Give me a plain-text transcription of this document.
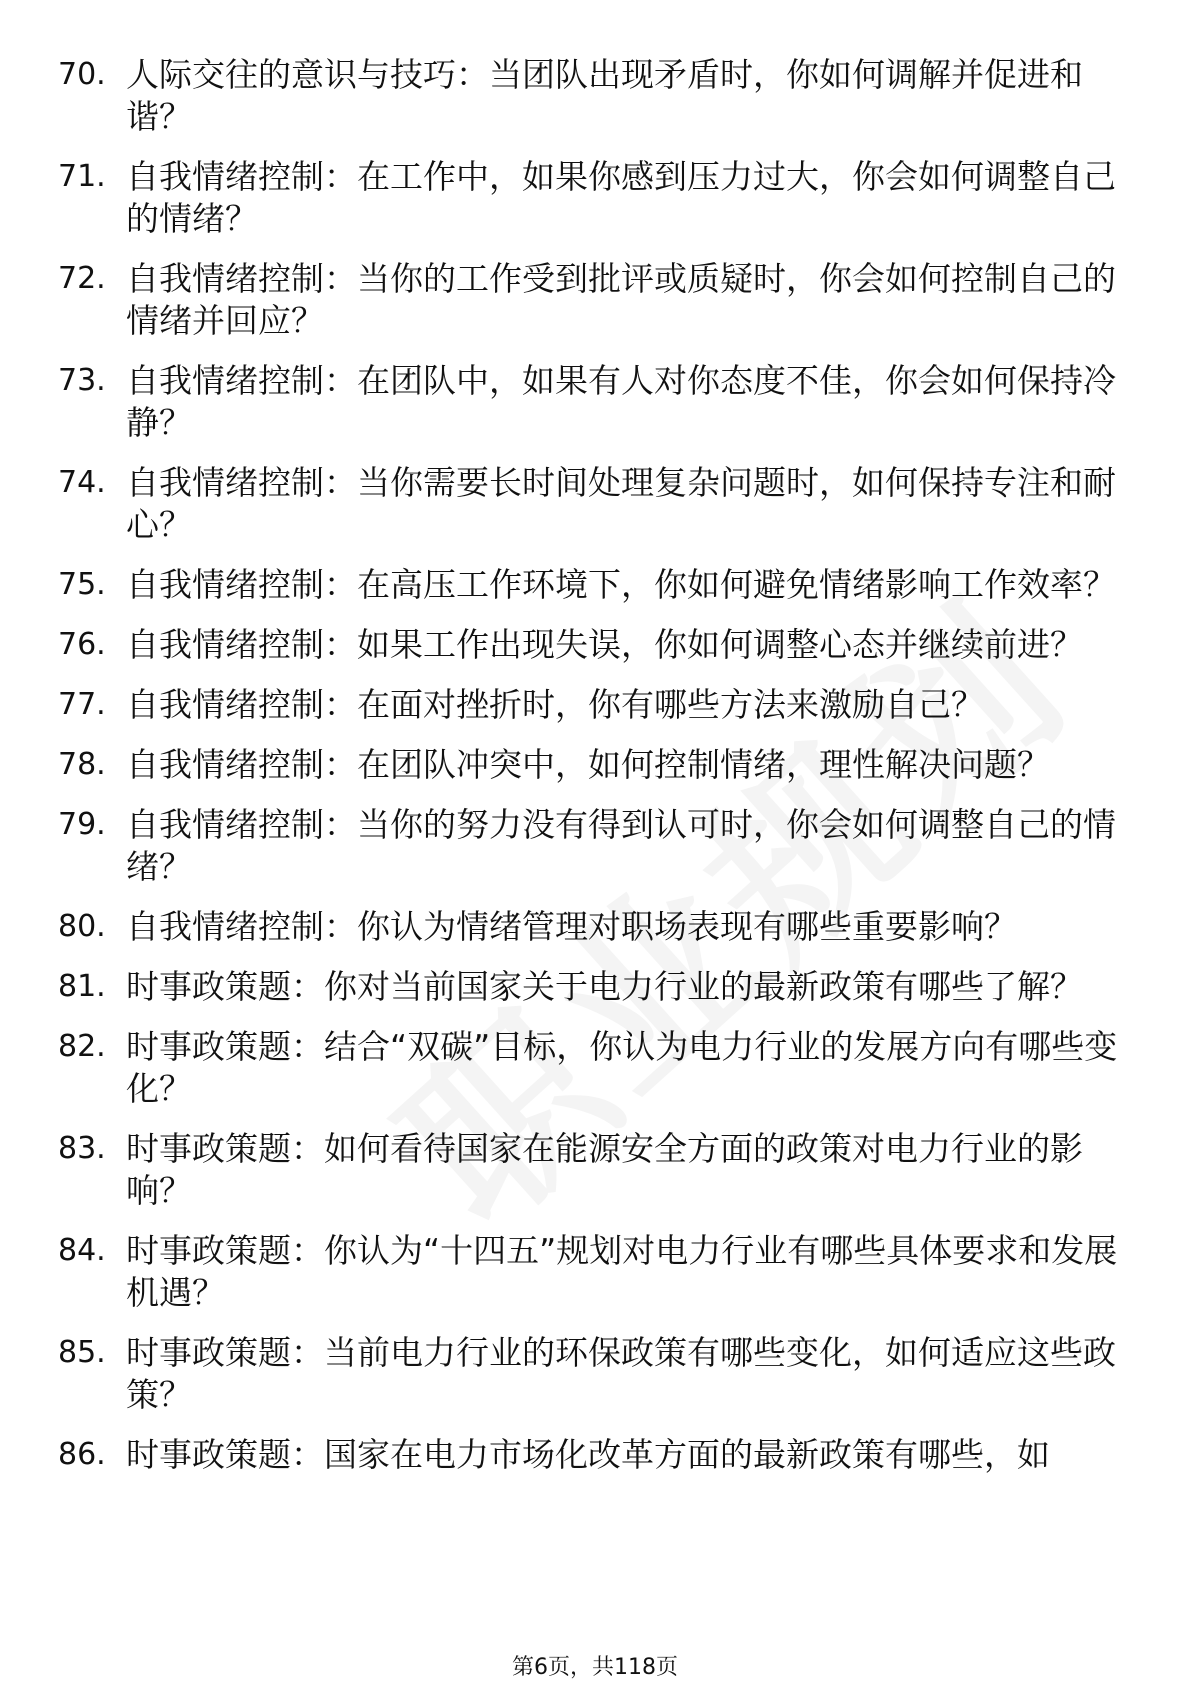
70. 人际交往的意识与技巧：当团队出现矛盾时，你如何调解并促进和谐？
71. 自我情绪控制：在工作中，如果你感到压力过大，你会如何调整自己的情绪？
72. 自我情绪控制：当你的工作受到批评或质疑时，你会如何控制自己的情绪并回应？
73. 自我情绪控制：在团队中，如果有人对你态度不佳，你会如何保持冷静？
74. 自我情绪控制：当你需要长时间处理复杂问题时，如何保持专注和耐心？
75. 自我情绪控制：在高压工作环境下，你如何避免情绪影响工作效率？
76. 自我情绪控制：如果工作出现失误，你如何调整心态并继续前进？
77. 自我情绪控制：在面对挫折时，你有哪些方法来激励自己？
78. 自我情绪控制：在团队冲突中，如何控制情绪，理性解决问题？
79. 自我情绪控制：当你的努力没有得到认可时，你会如何调整自己的情绪？
80. 自我情绪控制：你认为情绪管理对职场表现有哪些重要影响？
81. 时事政策题：你对当前国家关于电力行业的最新政策有哪些了解？
82. 时事政策题：结合“双碳”目标，你认为电力行业的发展方向有哪些变化？
83. 时事政策题：如何看待国家在能源安全方面的政策对电力行业的影响？
84. 时事政策题：你认为“十四五”规划对电力行业有哪些具体要求和发展机遇？
85. 时事政策题：当前电力行业的环保政策有哪些变化，如何适应这些政策？
86. 时事政策题：国家在电力市场化改革方面的最新政策有哪些，如
第6页，共118页
